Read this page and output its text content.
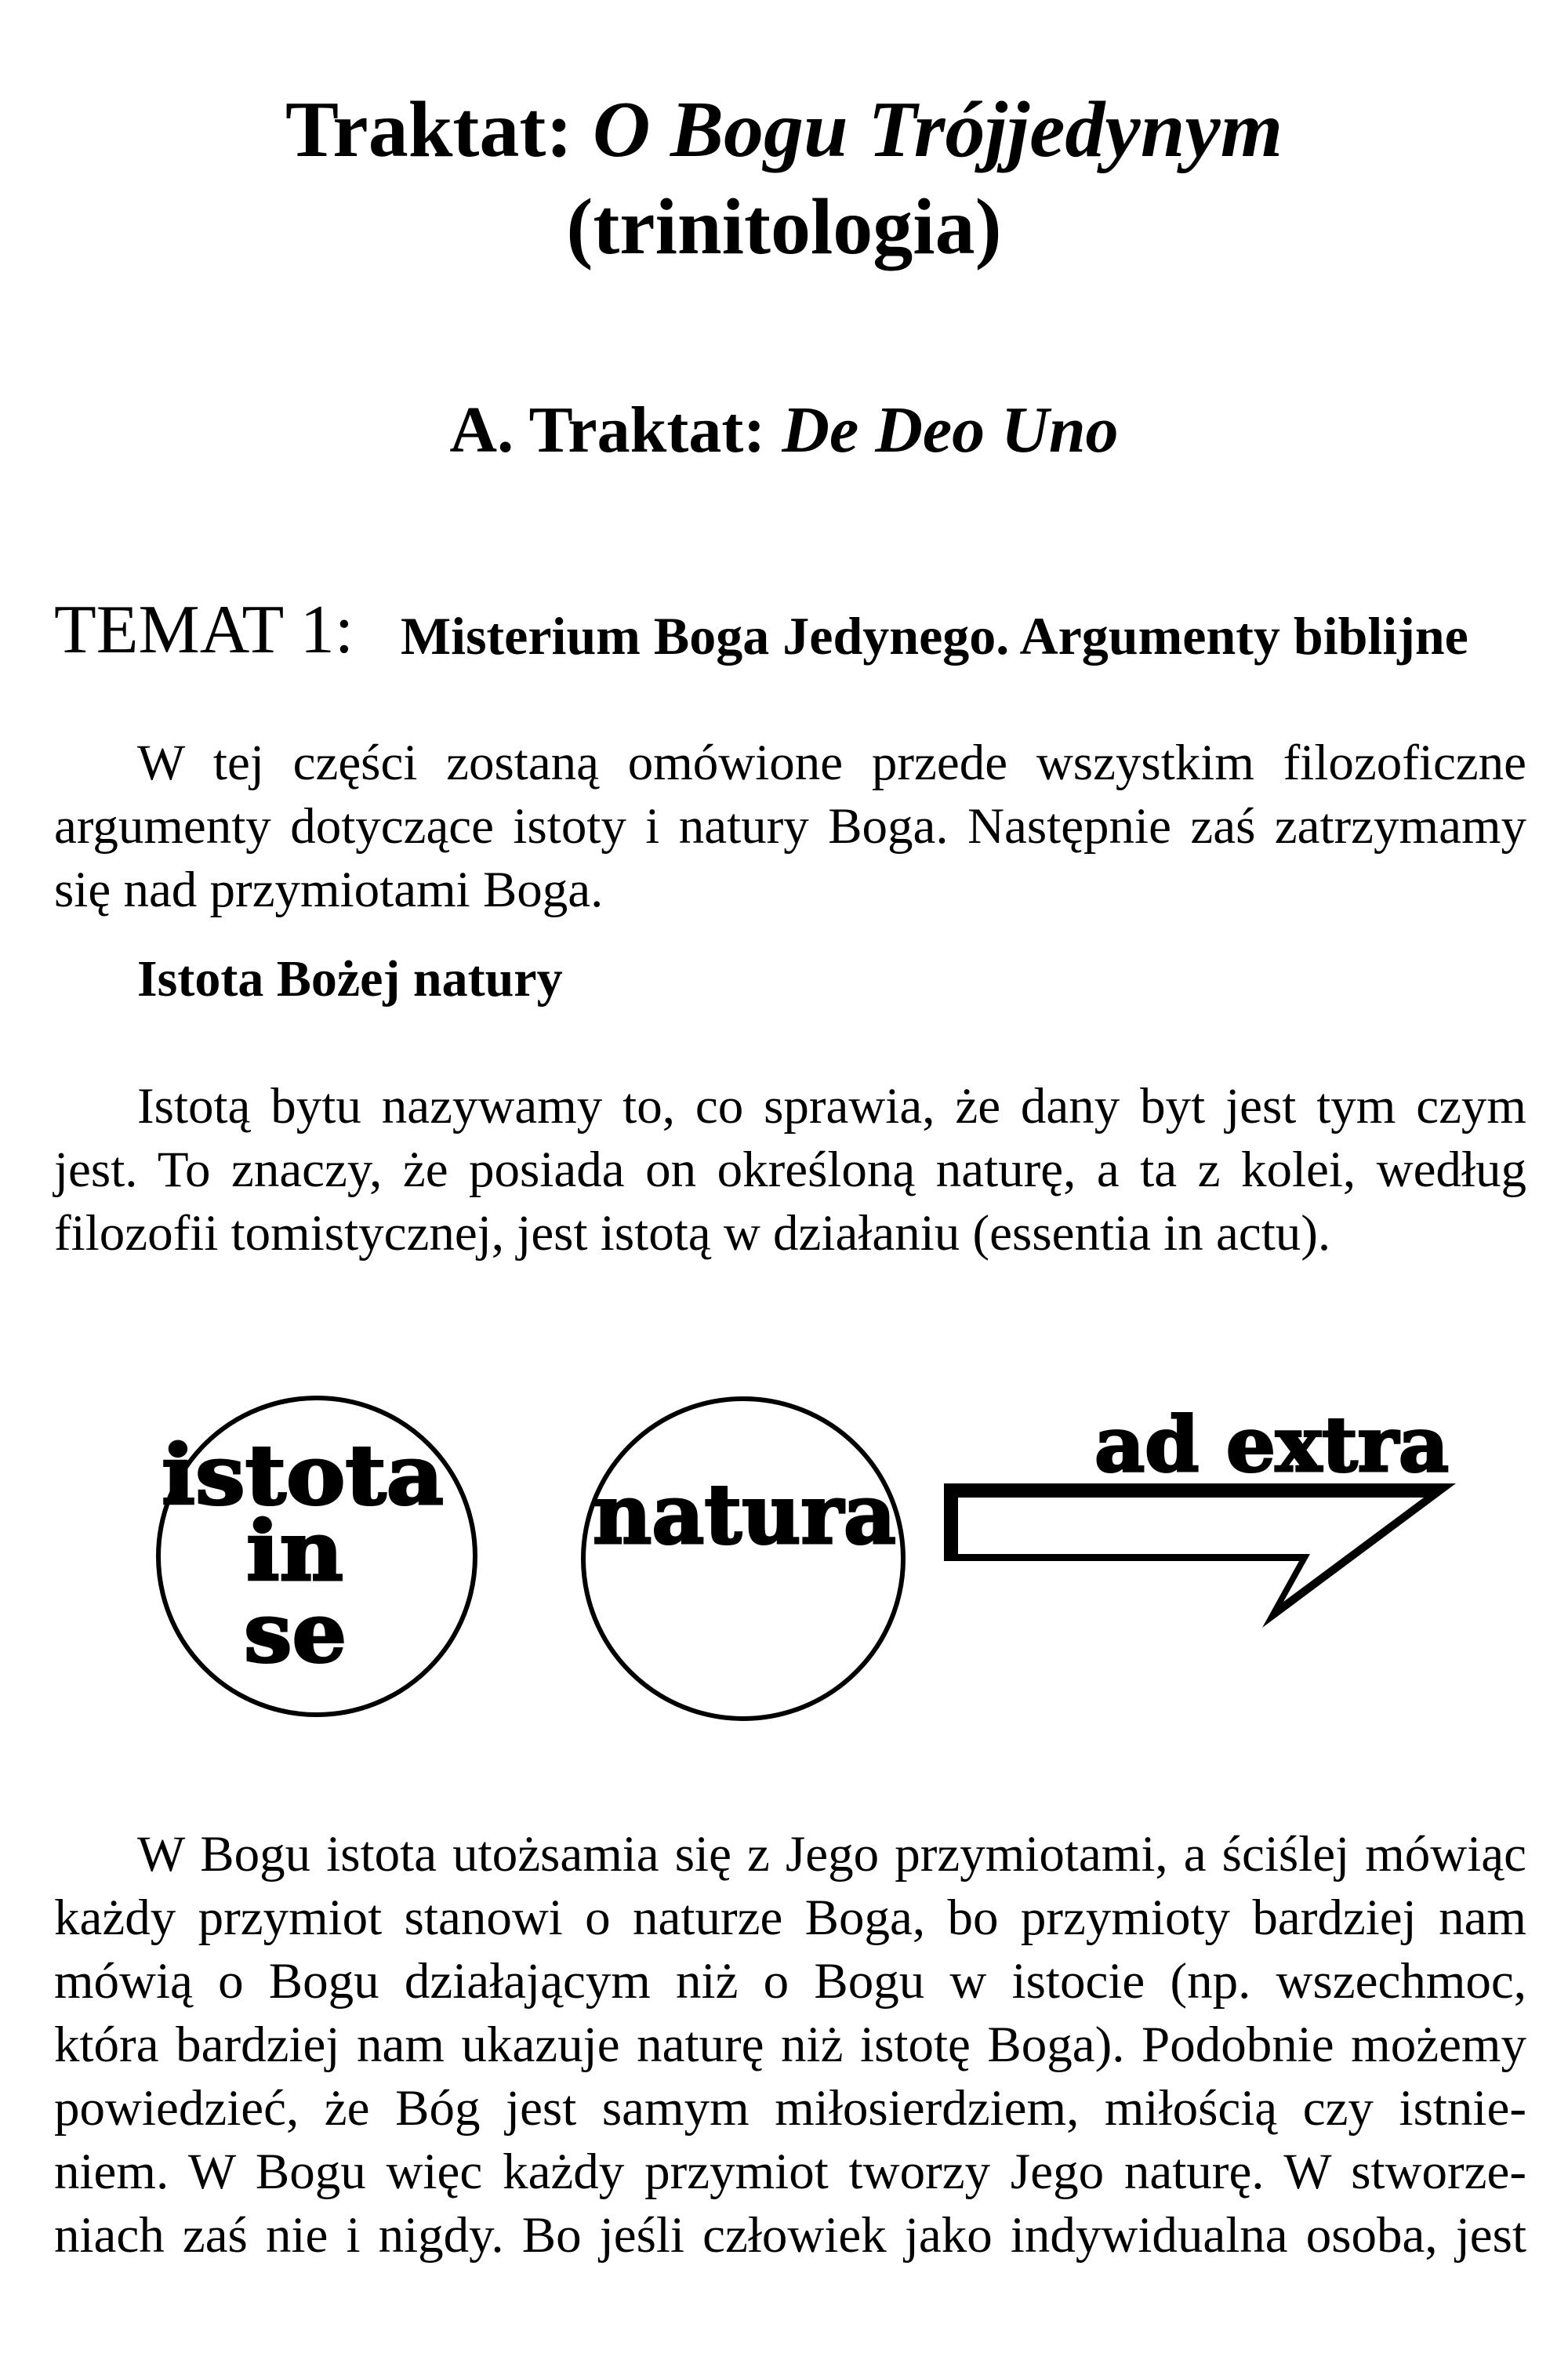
Traktat: O Bogu Trójjedynym
(trinitologia)
A. Traktat: De Deo Uno
TEMAT 1: Misterium Boga Jedynego. Argumenty biblijne
W tej części zostaną omówione przede wszystkim filozoficzne
argumenty dotyczące istoty i natury Boga. Następnie zaś zatrzymamy
się nad przymiotami Boga.
Istota Bożej natury
Istotą bytu nazywamy to, co sprawia, że dany byt jest tym czym
jest. To znaczy, że posiada on określoną naturę, a ta z kolei, według
filozofii tomistycznej, jest istotą w działaniu (essentia in actu).
istota
in
se
natura
ad extra
W Bogu istota utożsamia się z Jego przymiotami, a ściślej mówiąc
każdy przymiot stanowi o naturze Boga, bo przymioty bardziej nam
mówią o Bogu działającym niż o Bogu w istocie (np. wszechmoc,
która bardziej nam ukazuje naturę niż istotę Boga). Podobnie możemy
powiedzieć, że Bóg jest samym miłosierdziem, miłością czy istnie-
niem. W Bogu więc każdy przymiot tworzy Jego naturę. W stworze-
niach zaś nie i nigdy. Bo jeśli człowiek jako indywidualna osoba, jest
